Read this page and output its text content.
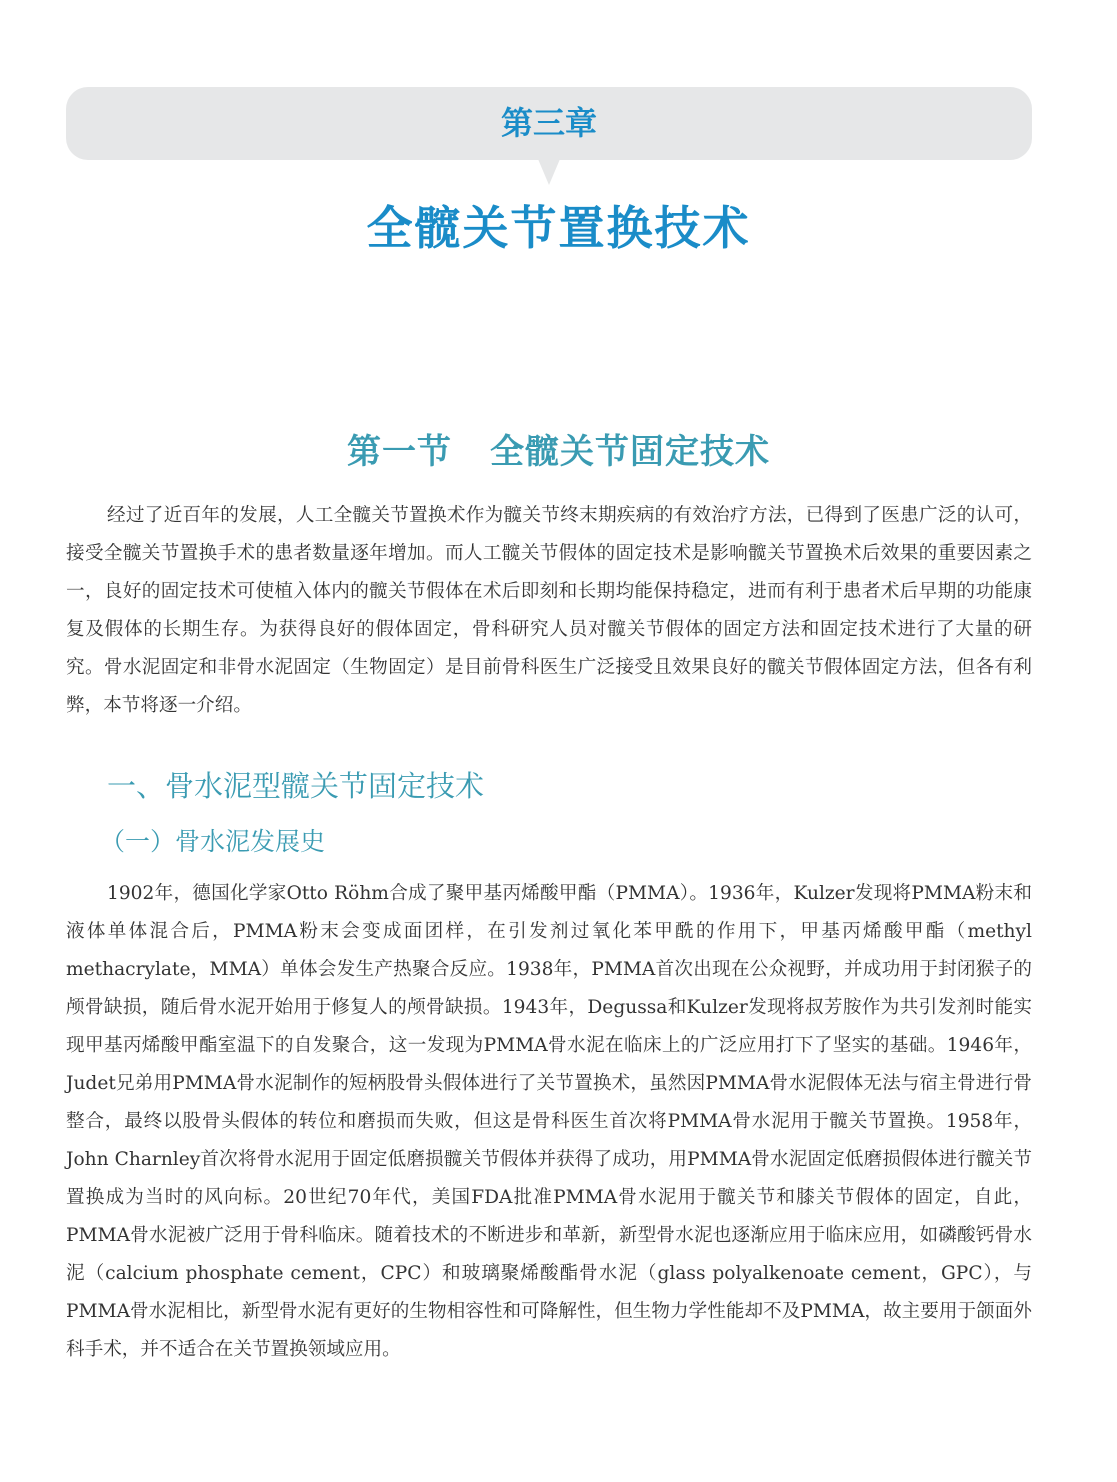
第三章
全髋关节置换技术
第一节 全髋关节固定技术

经过了近百年的发展，人工全髋关节置换术作为髋关节终末期疾病的有效治疗方法，已得到了医患广泛的认可，接受全髋关节置换手术的患者数量逐年增加。而人工髋关节假体的固定技术是影响髋关节置换术后效果的重要因素之一，良好的固定技术可使植入体内的髋关节假体在术后即刻和长期均能保持稳定，进而有利于患者术后早期的功能康复及假体的长期生存。为获得良好的假体固定，骨科研究人员对髋关节假体的固定方法和固定技术进行了大量的研究。骨水泥固定和非骨水泥固定（生物固定）是目前骨科医生广泛接受且效果良好的髋关节假体固定方法，但各有利弊，本节将逐一介绍。

一、骨水泥型髋关节固定技术
（一）骨水泥发展史

1902年，德国化学家Otto Röhm合成了聚甲基丙烯酸甲酯（PMMA）。1936年，Kulzer发现将PMMA粉末和液体单体混合后，PMMA粉末会变成面团样，在引发剂过氧化苯甲酰的作用下，甲基丙烯酸甲酯（methyl methacrylate，MMA）单体会发生产热聚合反应。1938年，PMMA首次出现在公众视野，并成功用于封闭猴子的颅骨缺损，随后骨水泥开始用于修复人的颅骨缺损。1943年，Degussa和Kulzer发现将叔芳胺作为共引发剂时能实现甲基丙烯酸甲酯室温下的自发聚合，这一发现为PMMA骨水泥在临床上的广泛应用打下了坚实的基础。1946年，Judet兄弟用PMMA骨水泥制作的短柄股骨头假体进行了关节置换术，虽然因PMMA骨水泥假体无法与宿主骨进行骨整合，最终以股骨头假体的转位和磨损而失败，但这是骨科医生首次将PMMA骨水泥用于髋关节置换。1958年，John Charnley首次将骨水泥用于固定低磨损髋关节假体并获得了成功，用PMMA骨水泥固定低磨损假体进行髋关节置换成为当时的风向标。20世纪70年代，美国FDA批准PMMA骨水泥用于髋关节和膝关节假体的固定，自此，PMMA骨水泥被广泛用于骨科临床。随着技术的不断进步和革新，新型骨水泥也逐渐应用于临床应用，如磷酸钙骨水泥（calcium phosphate cement，CPC）和玻璃聚烯酸酯骨水泥（glass polyalkenoate cement，GPC），与PMMA骨水泥相比，新型骨水泥有更好的生物相容性和可降解性，但生物力学性能却不及PMMA，故主要用于颌面外科手术，并不适合在关节置换领域应用。
